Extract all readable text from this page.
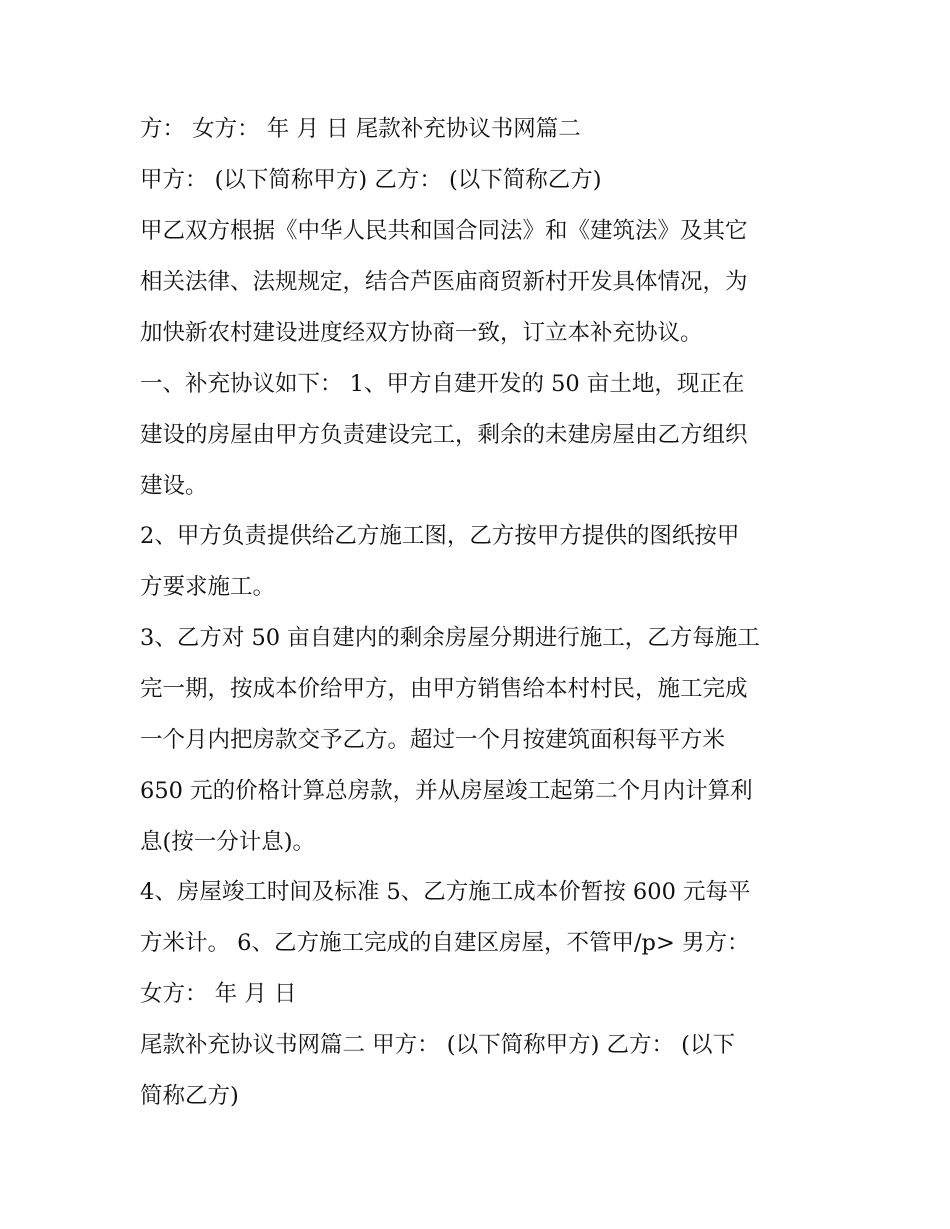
方： 女方： 年 月 日 尾款补充协议书网篇二
甲方： (以下简称甲方) 乙方： (以下简称乙方)
甲乙双方根据《中华人民共和国合同法》和《建筑法》及其它
相关法律、法规规定，结合芦医庙商贸新村开发具体情况，为
加快新农村建设进度经双方协商一致，订立本补充协议。
一、补充协议如下： 1、甲方自建开发的 50 亩土地，现正在
建设的房屋由甲方负责建设完工，剩余的未建房屋由乙方组织
建设。
2、甲方负责提供给乙方施工图，乙方按甲方提供的图纸按甲
方要求施工。
3、乙方对 50 亩自建内的剩余房屋分期进行施工，乙方每施工
完一期，按成本价给甲方，由甲方销售给本村村民，施工完成
一个月内把房款交予乙方。超过一个月按建筑面积每平方米
650 元的价格计算总房款，并从房屋竣工起第二个月内计算利
息(按一分计息)。
4、房屋竣工时间及标准 5、乙方施工成本价暂按 600 元每平
方米计。 6、乙方施工完成的自建区房屋，不管甲/p> 男方：
女方： 年 月 日
尾款补充协议书网篇二 甲方： (以下简称甲方) 乙方： (以下
简称乙方)
